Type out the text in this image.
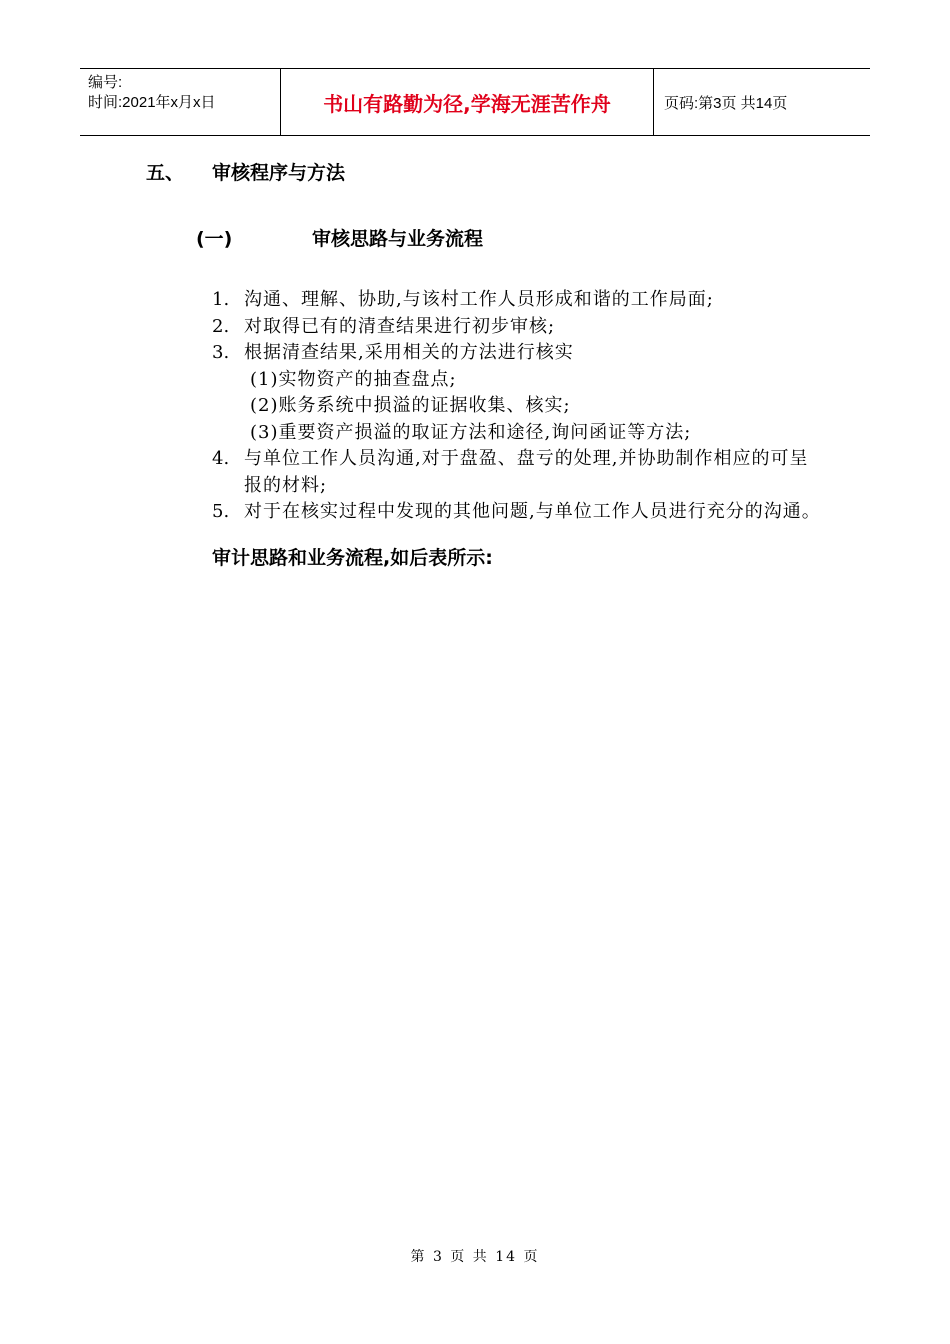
编号:
时间:2021年x月x日	书山有路勤为径,学海无涯苦作舟	页码:第3页 共14页
五、	审核程序与方法
(一)	审核思路与业务流程
1. 沟通、理解、协助,与该村工作人员形成和谐的工作局面;
2. 对取得已有的清查结果进行初步审核;
3. 根据清查结果,采用相关的方法进行核实
(1)实物资产的抽查盘点;
(2)账务系统中损溢的证据收集、核实;
(3)重要资产损溢的取证方法和途径,询问函证等方法;
4. 与单位工作人员沟通,对于盘盈、盘亏的处理,并协助制作相应的可呈报的材料;
5. 对于在核实过程中发现的其他问题,与单位工作人员进行充分的沟通。
审计思路和业务流程,如后表所示:
第 3 页 共 14 页
